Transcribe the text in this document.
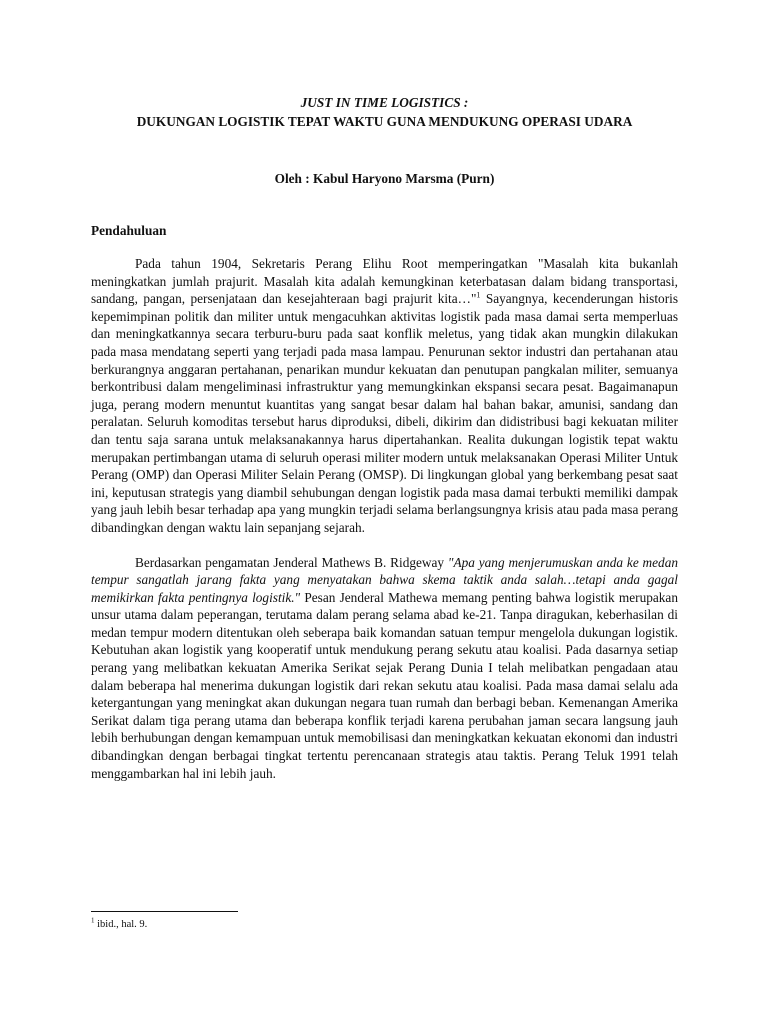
JUST IN TIME LOGISTICS :

DUKUNGAN LOGISTIK TEPAT WAKTU GUNA MENDUKUNG OPERASI UDARA

Oleh : Kabul Haryono Marsma (Purn)

Pendahuluan

Pada tahun 1904, Sekretaris Perang Elihu Root memperingatkan "Masalah kita bukanlah meningkatkan jumlah prajurit. Masalah kita adalah kemungkinan keterbatasan dalam bidang transportasi, sandang, pangan, persenjataan dan kesejahteraan bagi prajurit kita…"$^1$ Sayangnya, kecenderungan historis kepemimpinan politik dan militer untuk mengacuhkan aktivitas logistik pada masa damai serta memperluas dan meningkatkannya secara terburu-buru pada saat konflik meletus, yang tidak akan mungkin dilakukan pada masa mendatang seperti yang terjadi pada masa lampau. Penurunan sektor industri dan pertahanan atau berkurangnya anggaran pertahanan, penarikan mundur kekuatan dan penutupan pangkalan militer, semuanya berkontribusi dalam mengeliminasi infrastruktur yang memungkinkan ekspansi secara pesat. Bagaimanapun juga, perang modern menuntut kuantitas yang sangat besar dalam hal bahan bakar, amunisi, sandang dan peralatan. Seluruh komoditas tersebut harus diproduksi, dibeli, dikirim dan didistribusi bagi kekuatan militer dan tentu saja sarana untuk melaksanakannya harus dipertahankan. Realita dukungan logistik tepat waktu merupakan pertimbangan utama di seluruh operasi militer modern untuk melaksanakan Operasi Militer Untuk Perang (OMP) dan Operasi Militer Selain Perang (OMSP). Di lingkungan global yang berkembang pesat saat ini, keputusan strategis yang diambil sehubungan dengan logistik pada masa damai terbukti memiliki dampak yang jauh lebih besar terhadap apa yang mungkin terjadi selama berlangsungnya krisis atau pada masa perang dibandingkan dengan waktu lain sepanjang sejarah.

Berdasarkan pengamatan Jenderal Mathews B. Ridgeway "Apa yang menjerumuskan anda ke medan tempur sangatlah jarang fakta yang menyatakan bahwa skema taktik anda salah…tetapi anda gagal memikirkan fakta pentingnya logistik." Pesan Jenderal Mathewa memang penting bahwa logistik merupakan unsur utama dalam peperangan, terutama dalam perang selama abad ke-21. Tanpa diragukan, keberhasilan di medan tempur modern ditentukan oleh seberapa baik komandan satuan tempur mengelola dukungan logistik. Kebutuhan akan logistik yang kooperatif untuk mendukung perang sekutu atau koalisi. Pada dasarnya setiap perang yang melibatkan kekuatan Amerika Serikat sejak Perang Dunia I telah melibatkan pengadaan atau dalam beberapa hal menerima dukungan logistik dari rekan sekutu atau koalisi. Pada masa damai selalu ada ketergantungan yang meningkat akan dukungan negara tuan rumah dan berbagi beban. Kemenangan Amerika Serikat dalam tiga perang utama dan beberapa konflik terjadi karena perubahan jaman secara langsung jauh lebih berhubungan dengan kemampuan untuk memobilisasi dan meningkatkan kekuatan ekonomi dan industri dibandingkan dengan berbagai tingkat tertentu perencanaan strategis atau taktis. Perang Teluk 1991 telah menggambarkan hal ini lebih jauh.

$^1$ ibid., hal. 9.
